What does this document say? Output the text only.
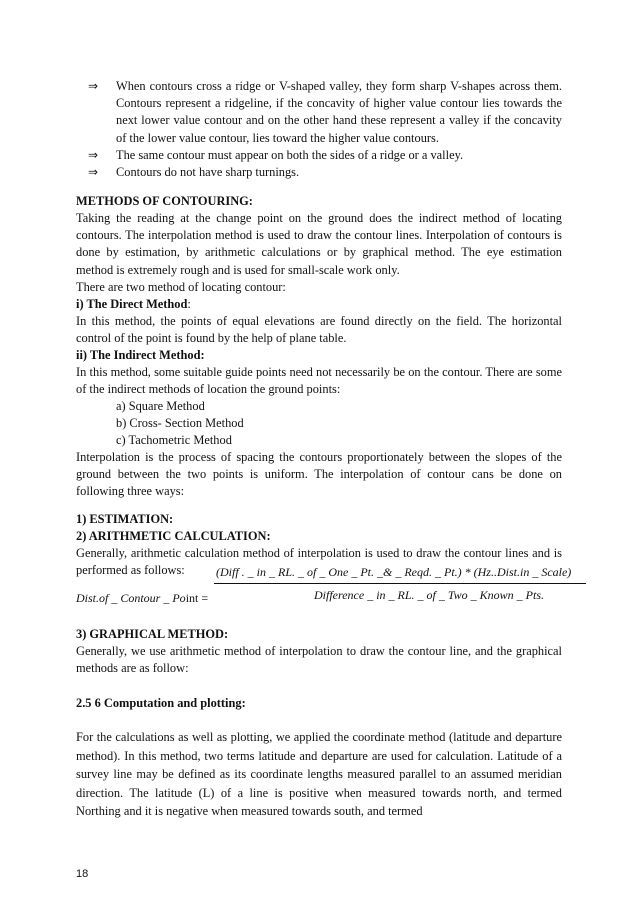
⇒ When contours cross a ridge or V-shaped valley, they form sharp V-shapes across them. Contours represent a ridgeline, if the concavity of higher value contour lies towards the next lower value contour and on the other hand these represent a valley if the concavity of the lower value contour, lies toward the higher value contours.
⇒ The same contour must appear on both the sides of a ridge or a valley.
⇒ Contours do not have sharp turnings.
METHODS OF CONTOURING:
Taking the reading at the change point on the ground does the indirect method of locating contours. The interpolation method is used to draw the contour lines. Interpolation of contours is done by estimation, by arithmetic calculations or by graphical method. The eye estimation method is extremely rough and is used for small-scale work only.
There are two method of locating contour:
i) The Direct Method:
In this method, the points of equal elevations are found directly on the field. The horizontal control of the point is found by the help of plane table.
ii) The Indirect Method:
In this method, some suitable guide points need not necessarily be on the contour. There are some of the indirect methods of location the ground points:
a) Square Method
b) Cross- Section Method
c) Tachometric Method
Interpolation is the process of spacing the contours proportionately between the slopes of the ground between the two points is uniform. The interpolation of contour cans be done on following three ways:
1) ESTIMATION:
2) ARITHMETIC CALCULATION:
Generally, arithmetic calculation method of interpolation is used to draw the contour lines and is performed as follows:
Dist.of _ Contour _ Point =
(Diff . _ in _ RL. _ of _ One _ Pt. _& _ Reqd. _ Pt.) * (Hz..Dist.in _ Scale)
Difference _ in _ RL. _ of _ Two _ Known _ Pts.
3) GRAPHICAL METHOD:
Generally, we use arithmetic method of interpolation to draw the contour line, and the graphical methods are as follow:
2.5 6 Computation and plotting:
For the calculations as well as plotting, we applied the coordinate method (latitude and departure method). In this method, two terms latitude and departure are used for calculation. Latitude of a survey line may be defined as its coordinate lengths measured parallel to an assumed meridian direction. The latitude (L) of a line is positive when measured towards north, and termed Northing and it is negative when measured towards south, and termed
18
